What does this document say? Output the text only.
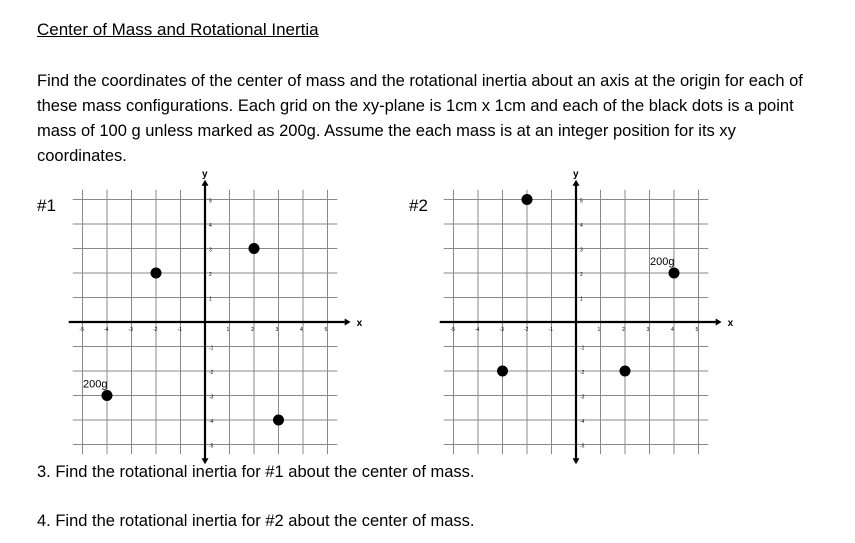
Center of Mass and Rotational Inertia
Find the coordinates of the center of mass and the rotational inertia about an axis at the origin for each of these mass configurations. Each grid on the xy-plane is 1cm x 1cm and each of the black dots is a point mass of 100 g unless marked as 200g. Assume the each mass is at an integer position for its xy coordinates.
#1	#2
x
y
-5
-5
-4
-4
-3
-3
-2
-2
-1
-1
1
1
2
2
3
3
4
4
5
5
200g
x
y
-5
-5
-4
-4
-3
-3
-2
-2
-1
-1
1
1
2
2
3
3
4
4
5
5
200g
3. Find the rotational inertia for #1 about the center of mass.
4. Find the rotational inertia for #2 about the center of mass.
